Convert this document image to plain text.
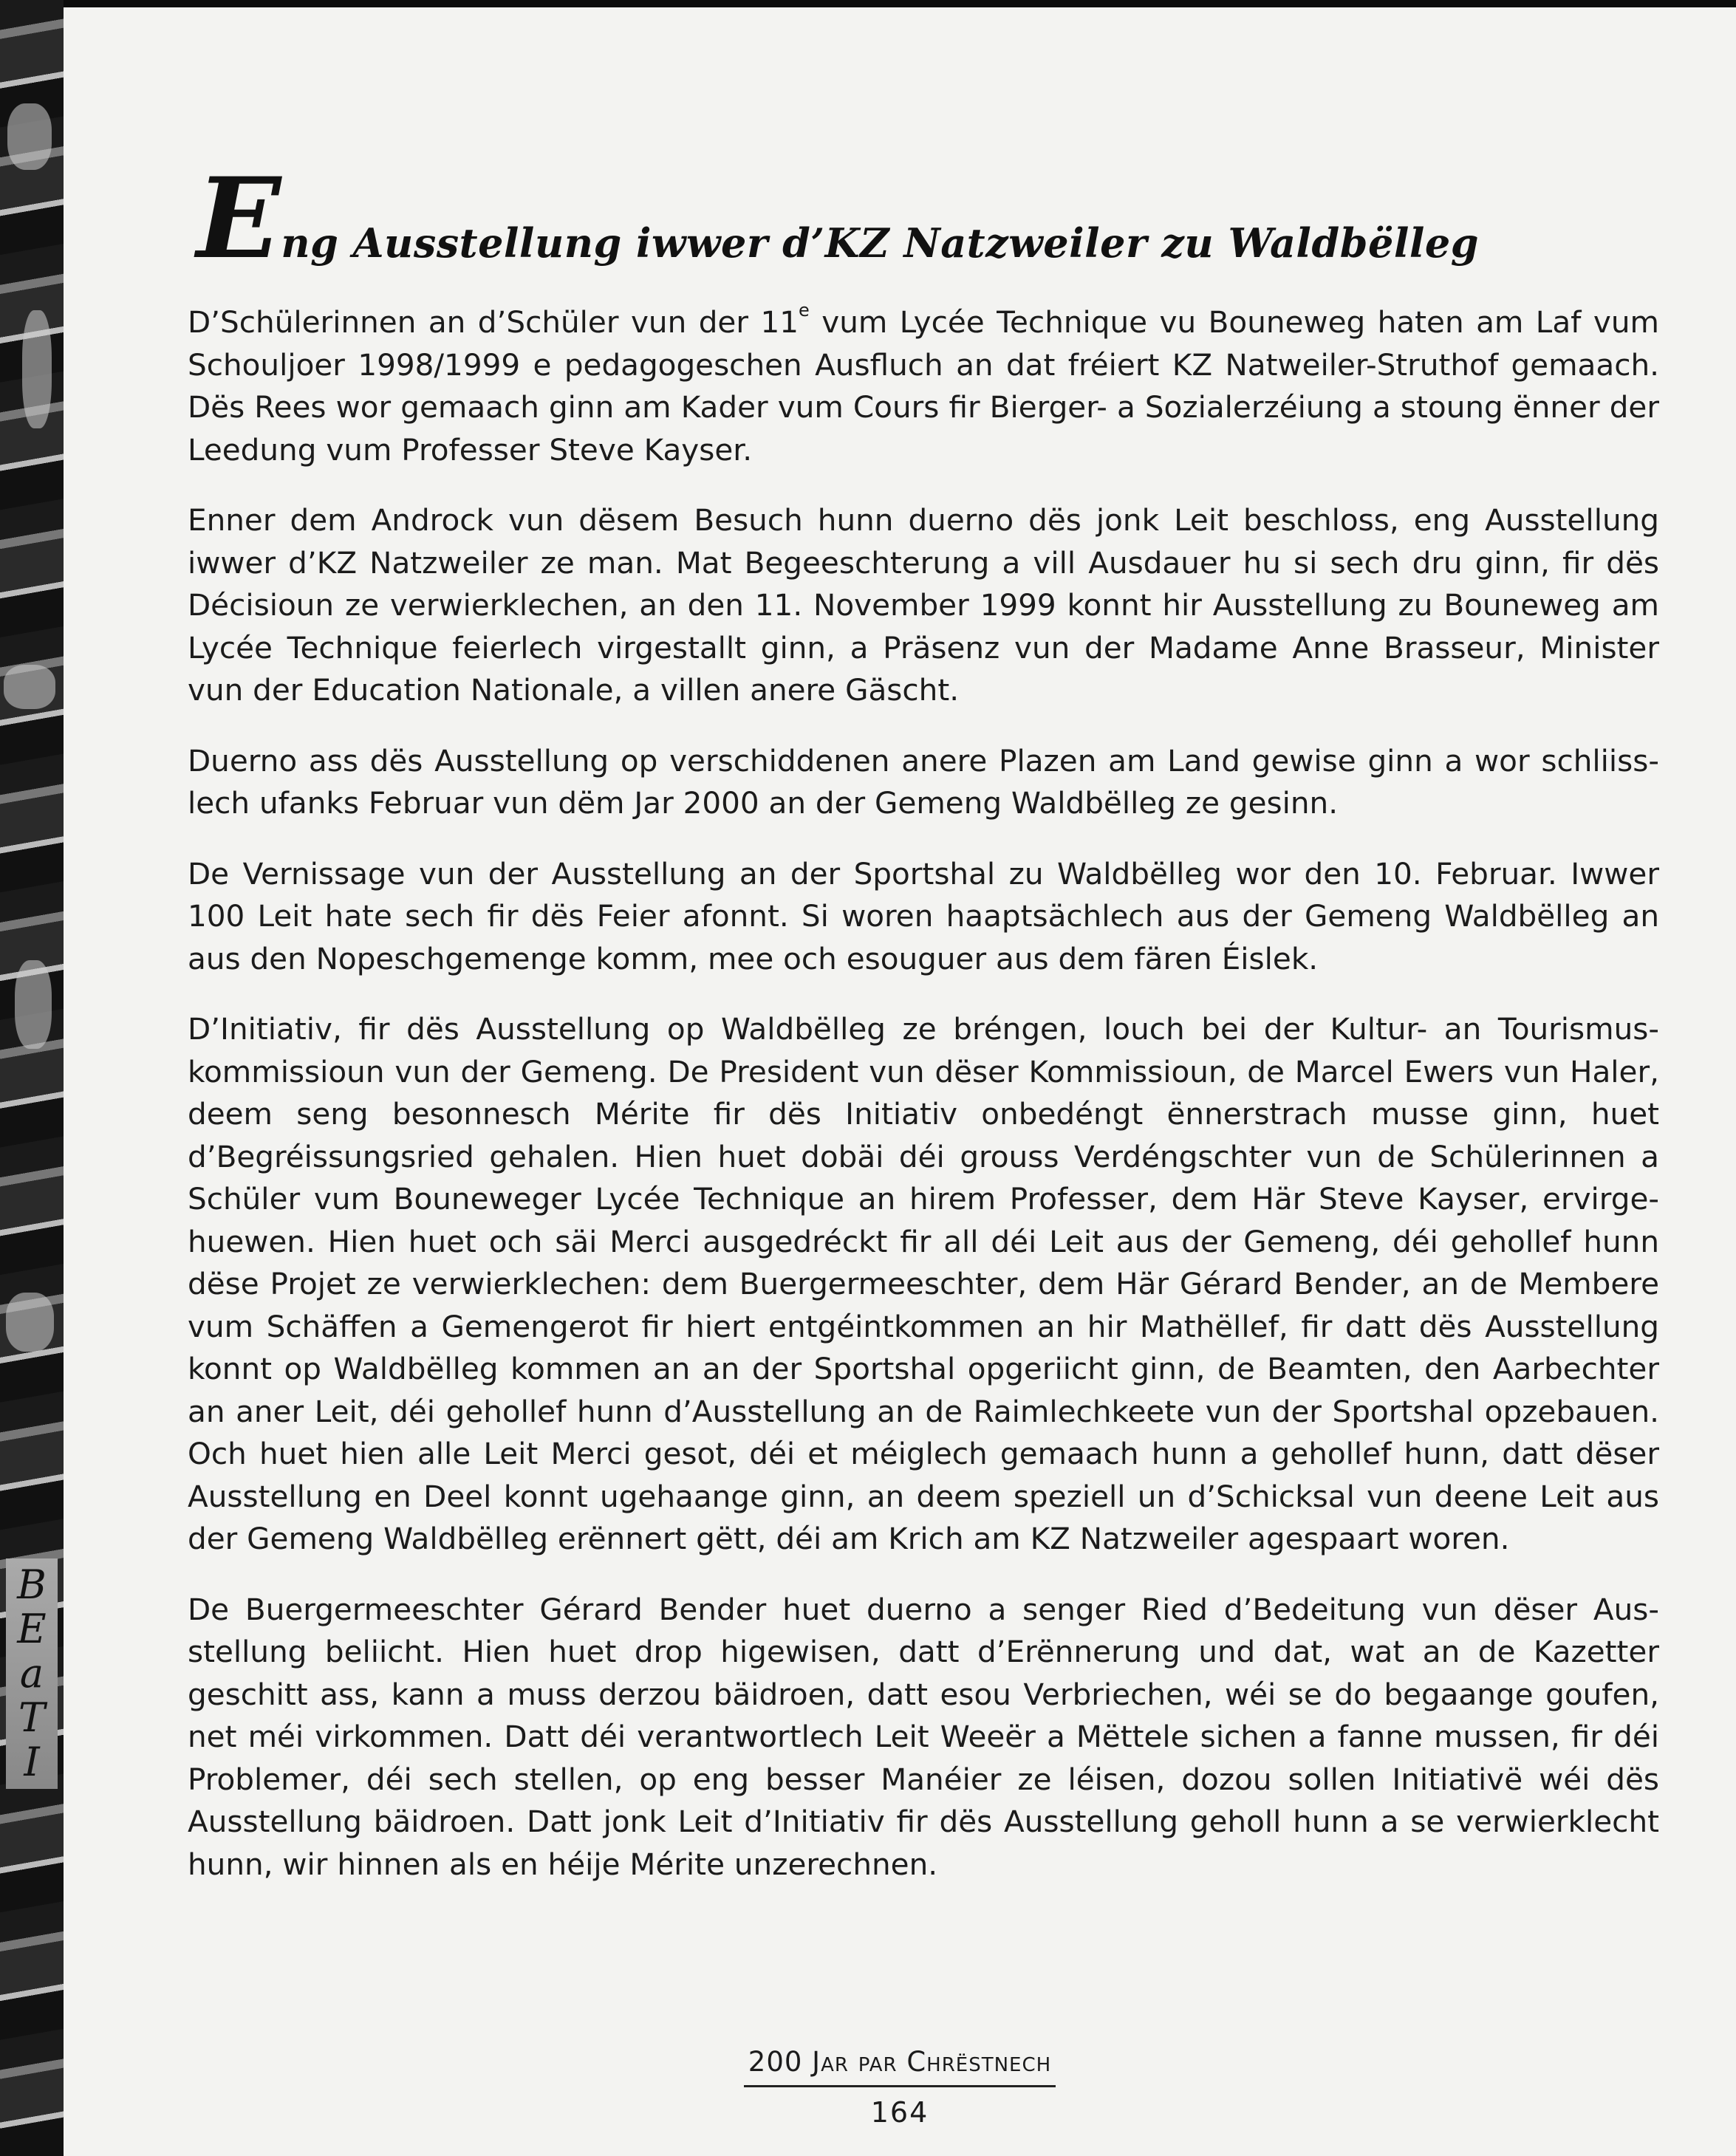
B
E
a
T
I
Eng Ausstellung iwwer d’KZ Natzweiler zu Waldbëlleg

D’Schülerinnen an d’Schüler vun der 11e vum Lycée Technique vu Bouneweg haten am Laf vum Schouljoer 1998/1999 e pedagogeschen Ausfluch an dat fréiert KZ Natweiler-Struthof gemaach. Dës Rees wor gemaach ginn am Kader vum Cours fir Bierger- a Sozialerzéiung a stoung ënner der Leedung vum Professer Steve Kayser.

Enner dem Androck vun dësem Besuch hunn duerno dës jonk Leit beschloss, eng Ausstellung iwwer d’KZ Natzweiler ze man. Mat Begeeschterung a vill Ausdauer hu si sech dru ginn, fir dës Décisioun ze verwierklechen, an den 11. November 1999 konnt hir Ausstellung zu Bouneweg am Lycée Technique feierlech virgestallt ginn, a Präsenz vun der Madame Anne Brasseur, Minister vun der Education Nationale, a villen anere Gäscht.

Duerno ass dës Ausstellung op verschiddenen anere Plazen am Land gewise ginn a wor schliisslech ufanks Februar vun dëm Jar 2000 an der Gemeng Waldbëlleg ze gesinn.

De Vernissage vun der Ausstellung an der Sportshal zu Waldbëlleg wor den 10. Februar. Iwwer 100 Leit hate sech fir dës Feier afonnt. Si woren haaptsächlech aus der Gemeng Waldbëlleg an aus den Nopeschgemenge komm, mee och esouguer aus dem fären Éislek.

D’Initiativ, fir dës Ausstellung op Waldbëlleg ze bréngen, louch bei der Kultur- an Tourismuskommissioun vun der Gemeng. De President vun dëser Kommissioun, de Marcel Ewers vun Haler, deem seng besonnesch Mérite fir dës Initiativ onbedéngt ënnerstrach musse ginn, huet d’Begréissungsried gehalen. Hien huet dobäi déi grouss Verdéngschter vun de Schülerinnen a Schüler vum Bouneweger Lycée Technique an hirem Professer, dem Här Steve Kayser, ervirgehuewen. Hien huet och säi Merci ausgedréckt fir all déi Leit aus der Gemeng, déi gehollef hunn dëse Projet ze verwierklechen: dem Buergermeeschter, dem Här Gérard Bender, an de Membere vum Schäffen a Gemengerot fir hiert entgéintkommen an hir Mathëllef, fir datt dës Ausstellung konnt op Waldbëlleg kommen an an der Sportshal opgeriicht ginn, de Beamten, den Aarbechter an aner Leit, déi gehollef hunn d’Ausstellung an de Raimlechkeete vun der Sportshal opzebauen. Och huet hien alle Leit Merci gesot, déi et méiglech gemaach hunn a gehollef hunn, datt dëser Ausstellung en Deel konnt ugehaange ginn, an deem speziell un d’Schicksal vun deene Leit aus der Gemeng Waldbëlleg erënnert gëtt, déi am Krich am KZ Natzweiler agespaart woren.

De Buergermeeschter Gérard Bender huet duerno a senger Ried d’Bedeitung vun dëser Ausstellung beliicht. Hien huet drop higewisen, datt d’Erënnerung und dat, wat an de Kazetter geschitt ass, kann a muss derzou bäidroen, datt esou Verbriechen, wéi se do begaange goufen, net méi virkommen. Datt déi verantwortlech Leit Weeër a Mëttele sichen a fanne mussen, fir déi Problemer, déi sech stellen, op eng besser Manéier ze léisen, dozou sollen Initiativë wéi dës Ausstellung bäidroen. Datt jonk Leit d’Initiativ fir dës Ausstellung geholl hunn a se verwierklecht hunn, wir hinnen als en héije Mérite unzerechnen.

200 Jar par Chrëstnech
164
